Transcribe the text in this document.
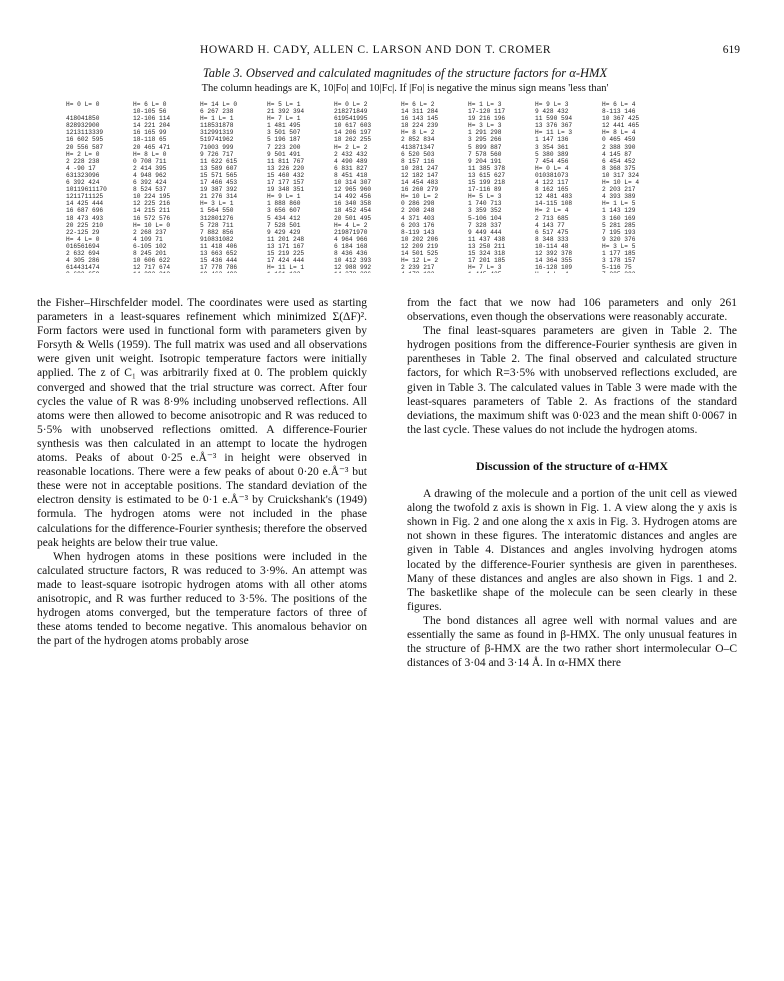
HOWARD H. CADY, ALLEN C. LARSON AND DON T. CROMER	619
Table 3. Observed and calculated magnitudes of the structure factors for α-HMX
The column headings are K, 10|Fo| and 10|Fc|. If |Fo| is negative the minus sign means 'less than'
H= 0 L= 0

418041850
828932900
1213113339
16 602 595
20 556 587
H= 2 L= 0
2 228 238
4 -90 17
631323096
6 392 424
10119611170
1211711125
14 425 444
16 687 696
18 473 493
20 225 210
22-125 29
H= 4 L= 0
016561694
2 632 694
4 305 286
614431474
H= 6 L= 0
10-105 56
12-106 114
14 221 204
16 165 99
18-118 65
20 465 471
H= 8 L= 0
0 708 711
2 414 395
4 948 962
6 392 424
8 524 537
10 224 195
12 225 216
14 215 211
16 572 576
H= 10 L= 0
2 268 237
4 109 71
6-105 102
8 245 201
10 606 622
12 717 674
H= 14 L= 0
6 267 238
H= 1 L= 1
118531878
312991319
519741962
71003 999
9 726 717
11 622 615
13 589 607
15 571 565
17 466 453
19 387 392
21 276 314
H= 3 L= 1
1 564 550
312801276
5 728 711
7 882 856
910831082
11 418 406
13 663 652
15 436 444
17 778 786
H= 5 L= 1
21 392 394
H= 7 L= 1
1 481 495
3 501 507
5 196 187
7 223 200
9 501 491
11 811 767
13 226 220
15 460 432
17 177 157
19 348 351
H= 9 L= 1
1 888 860
3 656 607
5 434 412
7 528 501
9 429 429
11 201 248
13 171 167
15 219 225
17 424 444
H= 11 L= 1
H= 0 L= 2
218271849
619541995
10 617 603
14 206 197
18 262 255
H= 2 L= 2
2 432 432
4 490 489
6 831 827
8 451 418
10 314 307
12 965 960
14 492 456
16 340 358
18 452 454
20 501 495
H= 4 L= 2
219871970
4 964 966
6 184 168
8 436 436
10 412 393
12 988 992
H= 6 L= 2
14 311 284
16 143 145
18 224 239
H= 8 L= 2
2 852 834
413871347
6 520 503
8 157 116
10 281 247
12 182 147
14 454 483
16 260 279
H= 10 L= 2
0 286 298
2 208 248
4 371 403
6 203 176
8-119 143
10 202 206
12 209 219
14 501 525
H= 12 L= 2
2 239 217
H= 1 L= 3
17-120 117
19 216 196
H= 3 L= 3
1 291 298
3 295 266
5 899 887
7 578 560
9 204 191
11 385 378
13 615 627
15 199 218
17-116 89
H= 5 L= 3
1 740 713
3 359 352
5-106 104
7 328 337
9 449 444
11 437 438
13 250 211
15 324 318
17 201 185
H= 7 L= 3
H= 9 L= 3
9 428 432
11 590 594
13 376 367
H= 11 L= 3
1 147 136
3 354 361
5 380 389
7 454 456
H= 0 L= 4
010381073
4 122 117
8 162 165
12 481 483
14-115 108
H= 2 L= 4
2 713 685
4 143 77
6 517 475
8 348 333
10-114 48
12 392 378
14 364 355
16-128 109
H= 6 L= 4
8-113 146
10 367 425
12 441 465
H= 8 L= 4
0 465 459
2 388 390
4 145 87
6 454 452
8 368 375
10 317 324
H= 10 L= 4
2 203 217
4 393 389
H= 1 L= 5
1 143 129
3 160 169
5 281 285
7 195 193
9 320 376
H= 3 L= 5
1 177 185
3 178 157
5-116 75

the Fisher–Hirschfelder model. The coordinates were used as starting parameters in a least-squares refinement which minimized Σ(ΔF)². Form factors were used in functional form with parameters given by Forsyth & Wells (1959). The full matrix was used and all observations were given unit weight. Isotropic temperature factors were initially applied. The z of C₁ was arbitrarily fixed at 0. The problem quickly converged and showed that the trial structure was correct. After four cycles the value of R was 8·9% including unobserved reflections. All atoms were then allowed to become anisotropic and R was reduced to 5·5% with unobserved reflections omitted. A difference-Fourier synthesis was then calculated in an attempt to locate the hydrogen atoms. Peaks of about 0·25 e.Å⁻³ in height were observed in reasonable locations. There were a few peaks of about 0·20 e.Å⁻³ but these were not in acceptable positions. The standard deviation of the electron density is estimated to be 0·1 e.Å⁻³ by Cruickshank's (1949) formula. The hydrogen atoms were not included in the phase calculations for the difference-Fourier synthesis; therefore the observed peak heights are below their true value.

When hydrogen atoms in these positions were included in the calculated structure factors, R was reduced to 3·9%. An attempt was made to least-square isotropic hydrogen atoms with all other atoms anisotropic, and R was further reduced to 3·5%. The positions of the hydrogen atoms converged, but the temperature factors of three of these atoms tended to become negative. This anomalous behavior on the part of the hydrogen atoms probably arose

from the fact that we now had 106 parameters and only 261 observations, even though the observations were reasonably accurate.

The final least-squares parameters are given in Table 2. The hydrogen positions from the difference-Fourier synthesis are given in parentheses in Table 2. The final observed and calculated structure factors, for which R=3·5% with unobserved reflections excluded, are given in Table 3. The calculated values in Table 3 were made with the least-squares parameters of Table 2. As fractions of the standard deviations, the maximum shift was 0·023 and the mean shift 0·0067 in the last cycle. These values do not include the hydrogen atoms.

Discussion of the structure of α-HMX

A drawing of the molecule and a portion of the unit cell as viewed along the twofold z axis is shown in Fig. 1. A view along the y axis is shown in Fig. 2 and one along the x axis in Fig. 3. Hydrogen atoms are not shown in these figures. The interatomic distances and angles are given in Table 4. Distances and angles involving hydrogen atoms located by the difference-Fourier synthesis are given in parentheses. Many of these distances and angles are also shown in Figs. 1 and 2. The basketlike shape of the molecule can be seen clearly in these figures.

The bond distances all agree well with normal values and are essentially the same as found in β-HMX. The only unusual features in the structure of β-HMX are the two rather short intermolecular O–C distances of 3·04 and 3·14 Å. In α-HMX there
